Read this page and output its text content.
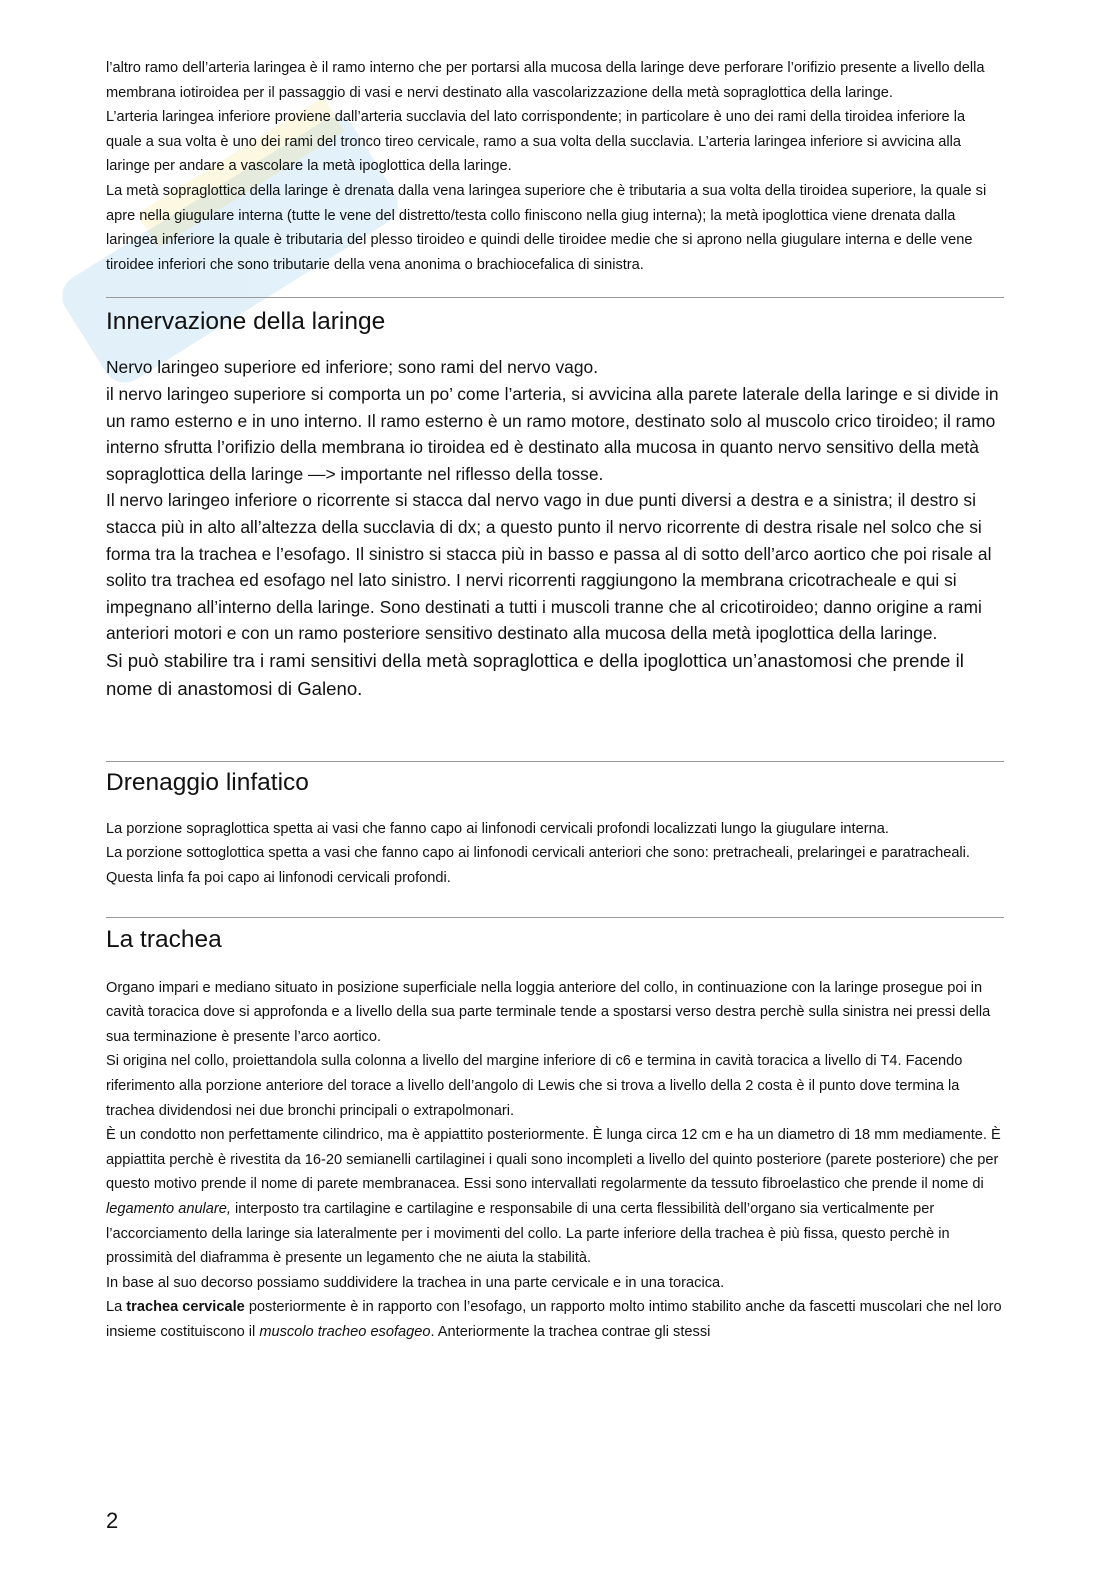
l’altro ramo dell’arteria laringea è il ramo interno che per portarsi alla mucosa della laringe deve perforare l’orifizio presente a livello della membrana iotiroidea per il passaggio di vasi e nervi destinato alla vascolarizzazione della metà sopraglottica della laringe.

L’arteria laringea inferiore proviene dall’arteria succlavia del lato corrispondente; in particolare è uno dei rami della tiroidea inferiore la quale a sua volta è uno dei rami del tronco tireo cervicale, ramo a sua volta della succlavia. L’arteria laringea inferiore si avvicina alla laringe per andare a vascolare la metà ipoglottica della laringe.

La metà sopraglottica della laringe è drenata dalla vena laringea superiore che è tributaria a sua volta della tiroidea superiore, la quale si apre nella giugulare interna (tutte le vene del distretto/testa collo finiscono nella giug interna); la metà ipoglottica viene drenata dalla laringea inferiore la quale è tributaria del plesso tiroideo e quindi delle tiroidee medie che si aprono nella giugulare interna e delle vene tiroidee inferiori che sono tributarie della vena anonima o brachiocefalica di sinistra.

Innervazione della laringe

Nervo laringeo superiore ed inferiore; sono rami del nervo vago.

il nervo laringeo superiore si comporta un po’ come l’arteria, si avvicina alla parete laterale della laringe e si divide in un ramo esterno e in uno interno. Il ramo esterno è un ramo motore, destinato solo al muscolo crico tiroideo; il ramo interno sfrutta l’orifizio della membrana io tiroidea ed è destinato alla mucosa in quanto nervo sensitivo della metà sopraglottica della laringe —> importante nel riflesso della tosse.

Il nervo laringeo inferiore o ricorrente si stacca dal nervo vago in due punti diversi a destra e a sinistra; il destro si stacca più in alto all’altezza della succlavia di dx; a questo punto il nervo ricorrente di destra risale nel solco che si forma tra la trachea e l’esofago. Il sinistro si stacca più in basso e passa al di sotto dell’arco aortico che poi risale al solito tra trachea ed esofago nel lato sinistro. I nervi ricorrenti raggiungono la membrana cricotracheale e qui si impegnano all’interno della laringe. Sono destinati a tutti i muscoli tranne che al cricotiroideo; danno origine a rami anteriori motori e con un ramo posteriore sensitivo destinato alla mucosa della metà ipoglottica della laringe.

Si può stabilire tra i rami sensitivi della metà sopraglottica e della ipoglottica un’anastomosi che prende il nome di anastomosi di Galeno.

Drenaggio linfatico

La porzione sopraglottica spetta ai vasi che fanno capo ai linfonodi cervicali profondi localizzati lungo la giugulare interna.

La porzione sottoglottica spetta a vasi che fanno capo ai linfonodi cervicali anteriori che sono: pretracheali, prelaringei e paratracheali.

Questa linfa fa poi capo ai linfonodi cervicali profondi.

La trachea

Organo impari e mediano situato in posizione superficiale nella loggia anteriore del collo, in continuazione con la laringe prosegue poi in cavità toracica dove si approfonda e a livello della sua parte terminale tende a spostarsi verso destra perchè sulla sinistra nei pressi della sua terminazione è presente l’arco aortico.

Si origina nel collo, proiettandola sulla colonna a livello del margine inferiore di c6 e termina in cavità toracica a livello di T4. Facendo riferimento alla porzione anteriore del torace a livello dell’angolo di Lewis che si trova a livello della 2 costa è il punto dove termina la trachea dividendosi nei due bronchi principali o extrapolmonari.

È un condotto non perfettamente cilindrico, ma è appiattito posteriormente. È lunga circa 12 cm e ha un diametro di 18 mm mediamente. È appiattita perchè è rivestita da 16-20 semianelli cartilaginei i quali sono incompleti a livello del quinto posteriore (parete posteriore) che per questo motivo prende il nome di parete membranacea. Essi sono intervallati regolarmente da tessuto fibroelastico che prende il nome di legamento anulare, interposto tra cartilagine e cartilagine e responsabile di una certa flessibilità dell’organo sia verticalmente per l’accorciamento della laringe sia lateralmente per i movimenti del collo. La parte inferiore della trachea è più fissa, questo perchè in prossimità del diaframma è presente un legamento che ne aiuta la stabilità.

In base al suo decorso possiamo suddividere la trachea in una parte cervicale e in una toracica.

La trachea cervicale posteriormente è in rapporto con l’esofago, un rapporto molto intimo stabilito anche da fascetti muscolari che nel loro insieme costituiscono il muscolo tracheo esofageo. Anteriormente la trachea contrae gli stessi

2
